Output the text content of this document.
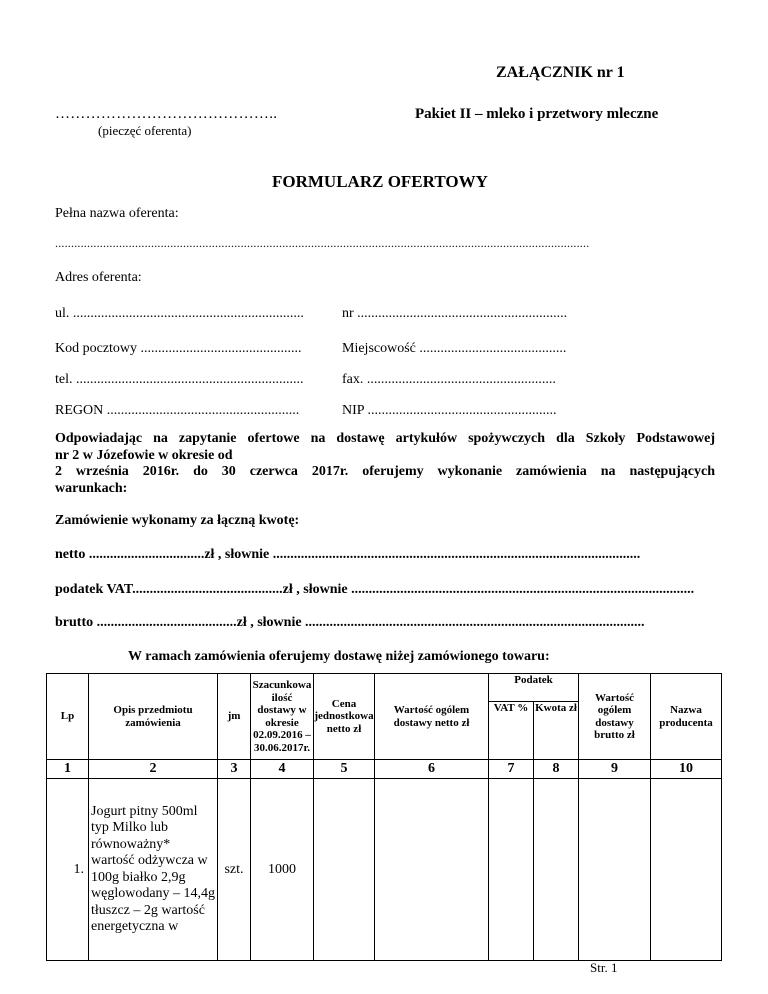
ZAŁĄCZNIK nr 1
……………………………………..	Pakiet II – mleko i przetwory mleczne
(pieczęć oferenta)
FORMULARZ OFERTOWY
Pełna nazwa oferenta:
.......................................................................................................................................................................
Adres oferenta:
ul. ..................................................................	nr ............................................................
Kod pocztowy ..............................................	Miejscowość ..........................................
tel. .................................................................	fax. ......................................................
REGON .......................................................	NIP ......................................................
Odpowiadając na zapytanie ofertowe na dostawę artykułów spożywczych dla Szkoły Podstawowej
nr 2 w Józefowie w okresie od
2 września 2016r. do 30 czerwca 2017r. oferujemy wykonanie zamówienia na następujących
warunkach:
Zamówienie wykonamy za łączną kwotę:
netto .................................zł , słownie .........................................................................................................
podatek VAT...........................................zł , słownie ..................................................................................................
brutto ........................................zł , słownie .................................................................................................
W ramach zamówienia oferujemy dostawę niżej zamówionego towaru:
Lp	Opis przedmiotu zamówienia	jm	Szacunkowa ilość dostawy w okresie 02.09.2016 – 30.06.2017r.	Cena jednostkowa netto zł	Wartość ogólem dostawy netto zł	Podatek		Wartość ogólem dostawy brutto zł	Nazwa producenta
						VAT %	Kwota zł		
1	2	3	4	5	6	7	8	9	10
1.	Jogurt pitny 500ml typ Milko lub równoważny* wartość odżywcza w 100g białko 2,9g węglowodany – 14,4g tłuszcz – 2g wartość energetyczna w	szt.	1000						
Str. 1
